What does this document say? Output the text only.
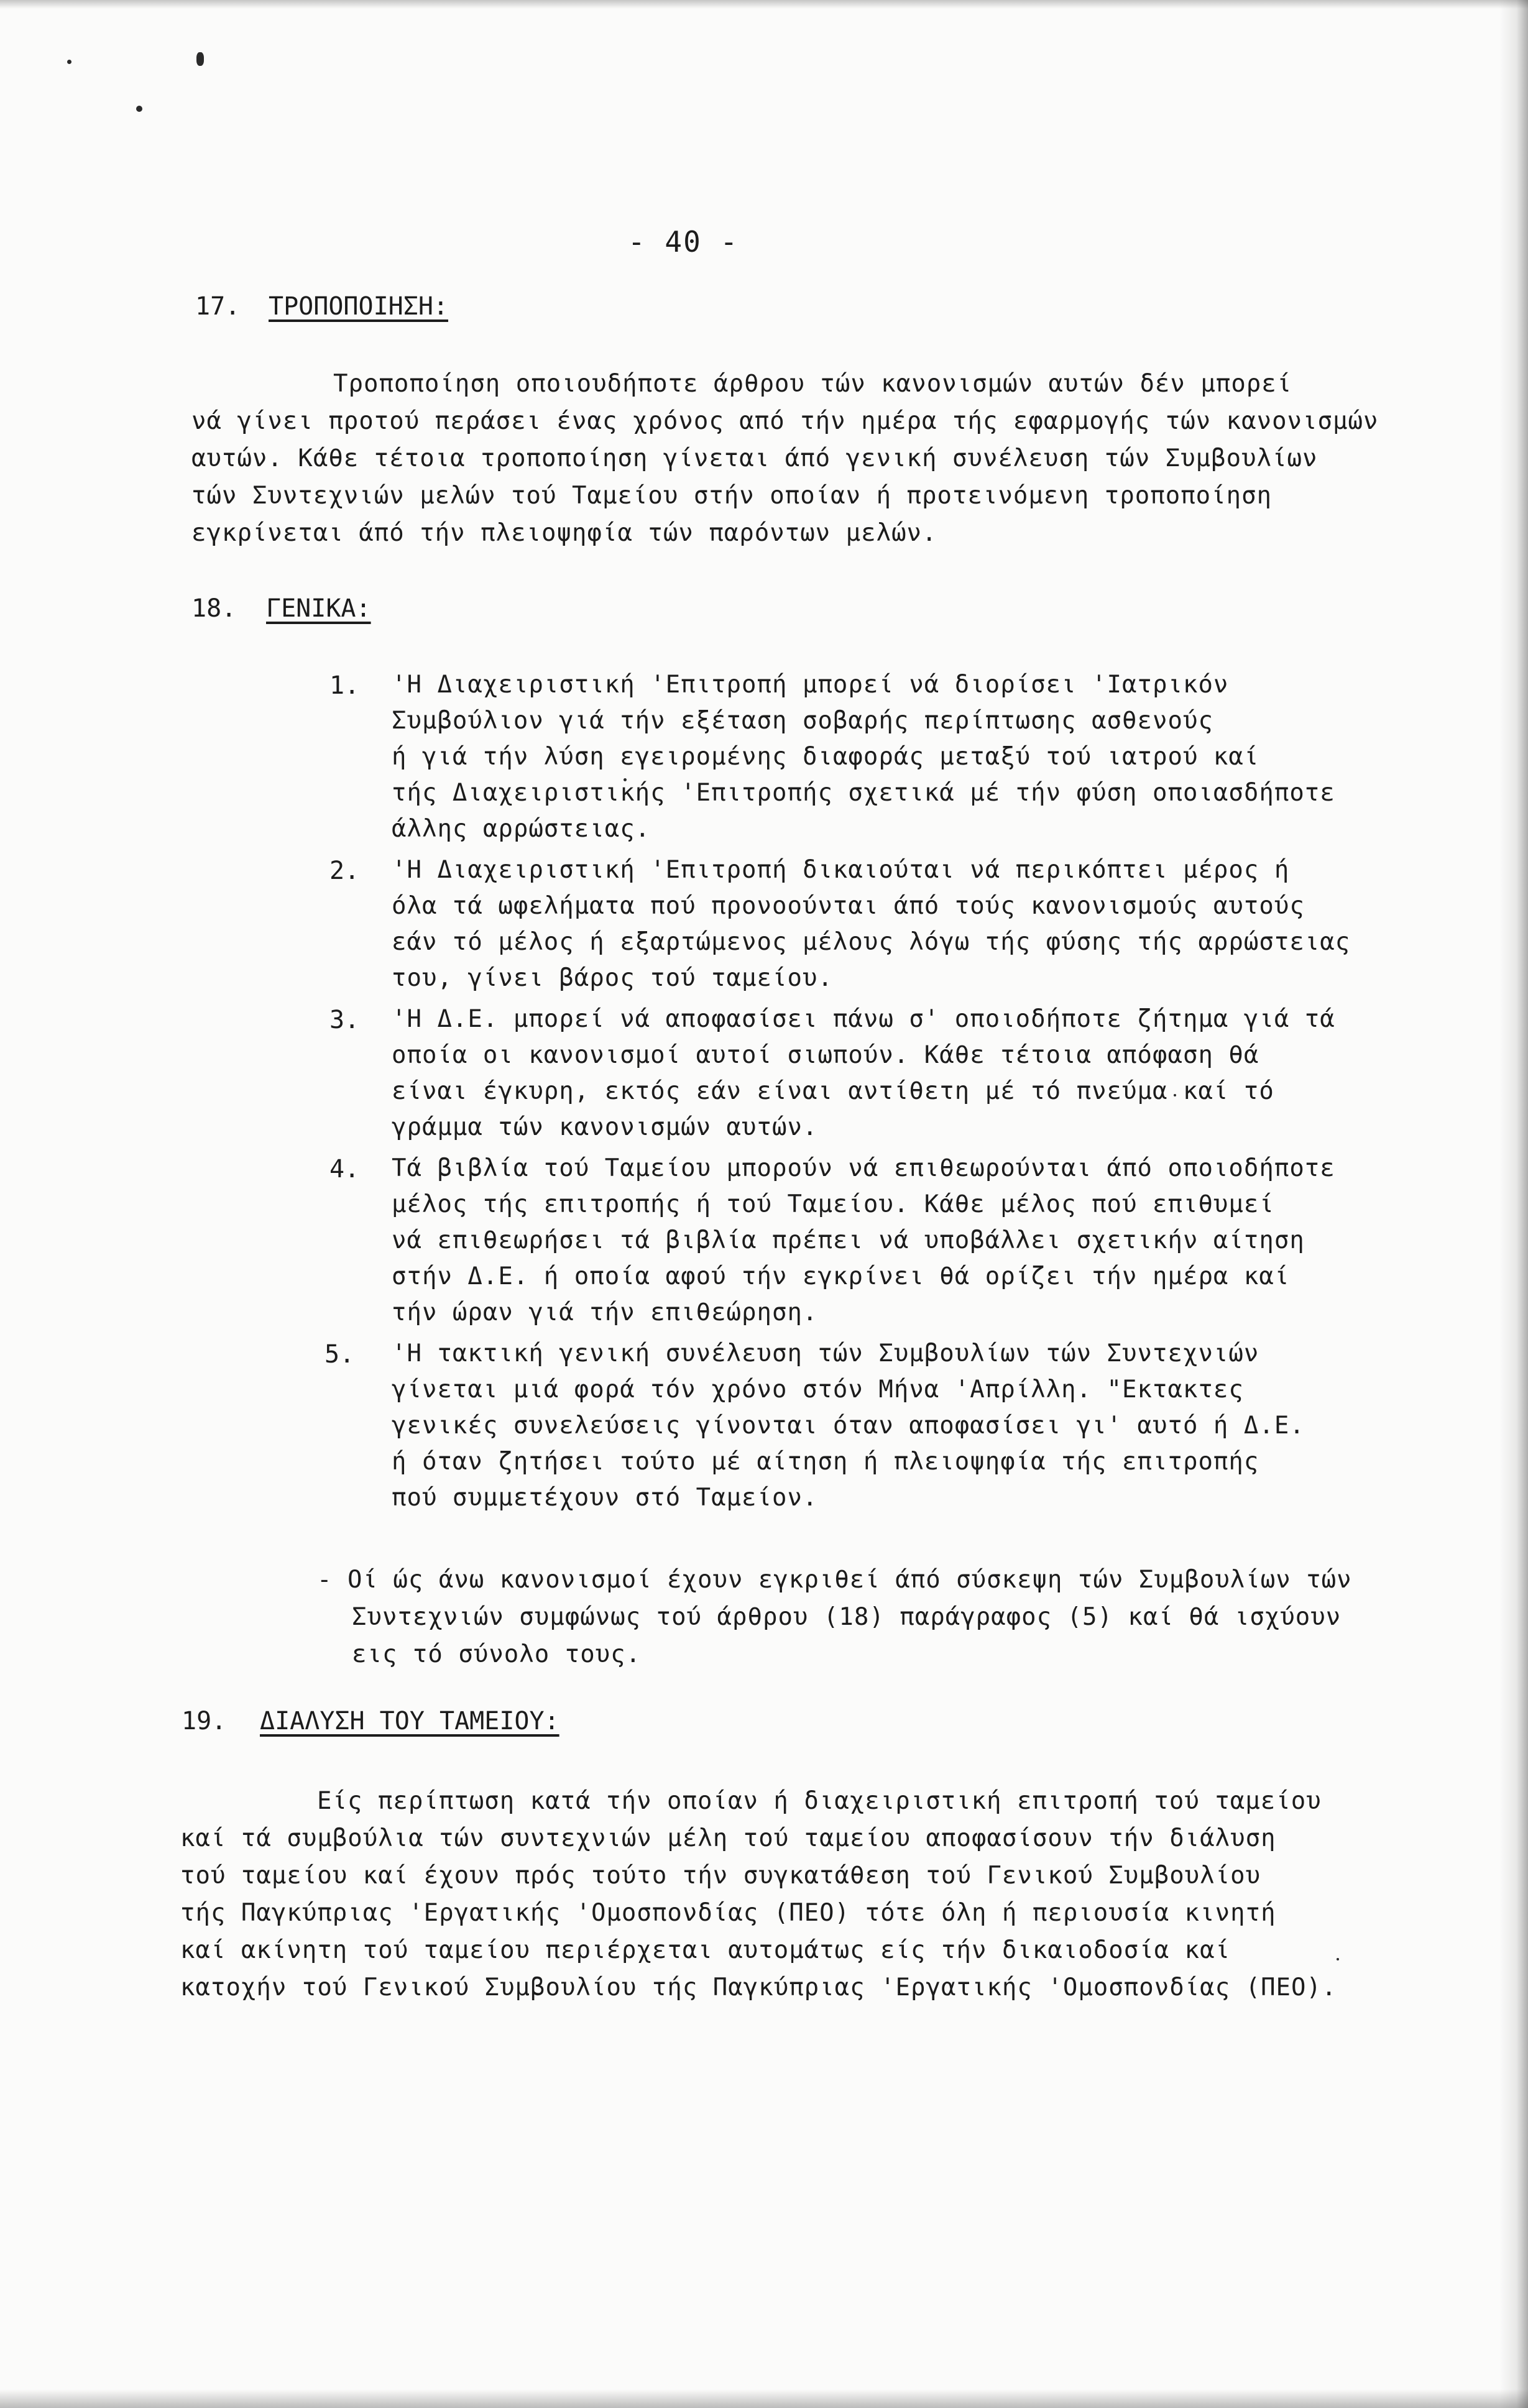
- 40 -
17. ΤΡΟΠΟΠΟΙΗΣΗ:
Τροποποίηση οποιουδήποτε άρθρου τών κανονισμών αυτών δέν μπορεί
νά γίνει προτού περάσει ένας χρόνος από τήν ημέρα τής εφαρμογής τών κανονισμών
αυτών. Κάθε τέτοια τροποποίηση γίνεται άπό γενική συνέλευση τών Συμβουλίων
τών Συντεχνιών μελών τού Ταμείου στήν οποίαν ή προτεινόμενη τροποποίηση
εγκρίνεται άπό τήν πλειοψηφία τών παρόντων μελών.
18. ΓΕΝΙΚΑ:
1. 'Η Διαχειριστική 'Επιτροπή μπορεί νά διορίσει 'Ιατρικόν
Συμβούλιον γιά τήν εξέταση σοβαρής περίπτωσης ασθενούς
ή γιά τήν λύση εγειρομένης διαφοράς μεταξύ τού ιατρού καί
τής Διαχειριστικής 'Επιτροπής σχετικά μέ τήν φύση οποιασδήποτε
άλλης αρρώστειας.
2. 'Η Διαχειριστική 'Επιτροπή δικαιούται νά περικόπτει μέρος ή
όλα τά ωφελήματα πού προνοούνται άπό τούς κανονισμούς αυτούς
εάν τό μέλος ή εξαρτώμενος μέλους λόγω τής φύσης τής αρρώστειας
του, γίνει βάρος τού ταμείου.
3. 'Η Δ.Ε. μπορεί νά αποφασίσει πάνω σ' οποιοδήποτε ζήτημα γιά τά
οποία οι κανονισμοί αυτοί σιωπούν. Κάθε τέτοια απόφαση θά
είναι έγκυρη, εκτός εάν είναι αντίθετη μέ τό πνεύμα καί τό
γράμμα τών κανονισμών αυτών.
4. Τά βιβλία τού Ταμείου μπορούν νά επιθεωρούνται άπό οποιοδήποτε
μέλος τής επιτροπής ή τού Ταμείου. Κάθε μέλος πού επιθυμεί
νά επιθεωρήσει τά βιβλία πρέπει νά υποβάλλει σχετικήν αίτηση
στήν Δ.Ε. ή οποία αφού τήν εγκρίνει θά ορίζει τήν ημέρα καί
τήν ώραν γιά τήν επιθεώρηση.
5. 'Η τακτική γενική συνέλευση τών Συμβουλίων τών Συντεχνιών
γίνεται μιά φορά τόν χρόνο στόν Μήνα 'Απρίλλη. "Εκτακτες
γενικές συνελεύσεις γίνονται όταν αποφασίσει γι' αυτό ή Δ.Ε.
ή όταν ζητήσει τούτο μέ αίτηση ή πλειοψηφία τής επιτροπής
πού συμμετέχουν στό Ταμείον.
- Οί ώς άνω κανονισμοί έχουν εγκριθεί άπό σύσκεψη τών Συμβουλίων τών
Συντεχνιών συμφώνως τού άρθρου (18) παράγραφος (5) καί θά ισχύουν
εις τό σύνολο τους.
19. ΔΙΑΛΥΣΗ ΤΟΥ ΤΑΜΕΙΟΥ:
Είς περίπτωση κατά τήν οποίαν ή διαχειριστική επιτροπή τού ταμείου
καί τά συμβούλια τών συντεχνιών μέλη τού ταμείου αποφασίσουν τήν διάλυση
τού ταμείου καί έχουν πρός τούτο τήν συγκατάθεση τού Γενικού Συμβουλίου
τής Παγκύπριας 'Εργατικής 'Ομοσπονδίας (ΠΕΟ) τότε όλη ή περιουσία κινητή
καί ακίνητη τού ταμείου περιέρχεται αυτομάτως είς τήν δικαιοδοσία καί
κατοχήν τού Γενικού Συμβουλίου τής Παγκύπριας 'Εργατικής 'Ομοσπονδίας (ΠΕΟ).
